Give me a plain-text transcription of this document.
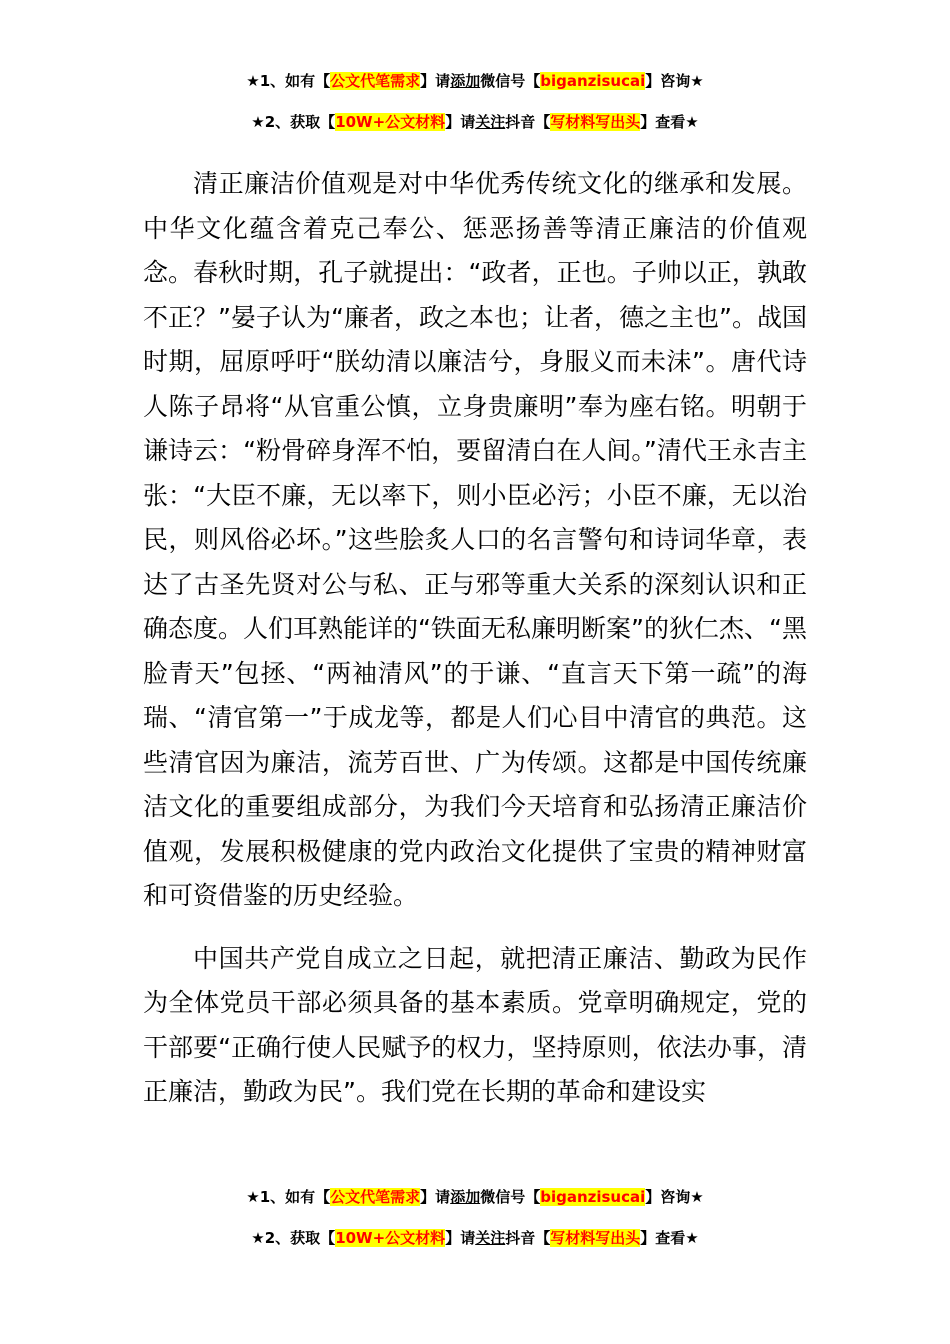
★1、如有【公文代笔需求】请添加微信号【biganzisucai】咨询★
★2、获取【10W+公文材料】请关注抖音【写材料写出头】查看★

清正廉洁价值观是对中华优秀传统文化的继承和发展。中华文化蕴含着克己奉公、惩恶扬善等清正廉洁的价值观念。春秋时期，孔子就提出：“政者，正也。子帅以正，孰敢不正？”晏子认为“廉者，政之本也；让者，德之主也”。战国时期，屈原呼吁“朕幼清以廉洁兮，身服义而未沬”。唐代诗人陈子昂将“从官重公慎，立身贵廉明”奉为座右铭。明朝于谦诗云：“粉骨碎身浑不怕，要留清白在人间。”清代王永吉主张：“大臣不廉，无以率下，则小臣必污；小臣不廉，无以治民，则风俗必坏。”这些脍炙人口的名言警句和诗词华章，表达了古圣先贤对公与私、正与邪等重大关系的深刻认识和正确态度。人们耳熟能详的“铁面无私廉明断案”的狄仁杰、“黑脸青天”包拯、“两袖清风”的于谦、“直言天下第一疏”的海瑞、“清官第一”于成龙等，都是人们心目中清官的典范。这些清官因为廉洁，流芳百世、广为传颂。这都是中国传统廉洁文化的重要组成部分，为我们今天培育和弘扬清正廉洁价值观，发展积极健康的党内政治文化提供了宝贵的精神财富和可资借鉴的历史经验。

中国共产党自成立之日起，就把清正廉洁、勤政为民作为全体党员干部必须具备的基本素质。党章明确规定，党的干部要“正确行使人民赋予的权力，坚持原则，依法办事，清正廉洁，勤政为民”。我们党在长期的革命和建设实

★1、如有【公文代笔需求】请添加微信号【biganzisucai】咨询★
★2、获取【10W+公文材料】请关注抖音【写材料写出头】查看★
